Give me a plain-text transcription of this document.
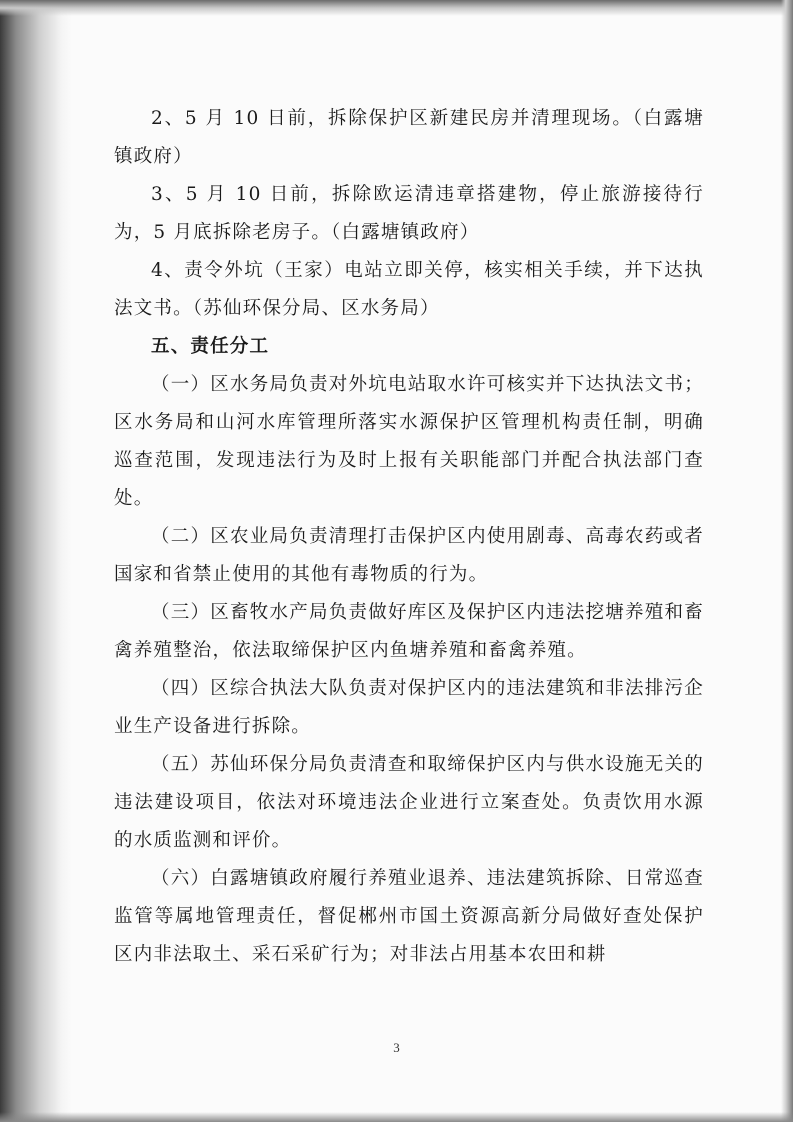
2、5 月 10 日前，拆除保护区新建民房并清理现场。（白露塘镇政府）

3、5 月 10 日前，拆除欧运清违章搭建物，停止旅游接待行为，5 月底拆除老房子。（白露塘镇政府）

4、责令外坑（王家）电站立即关停，核实相关手续，并下达执法文书。（苏仙环保分局、区水务局）

五、责任分工

（一）区水务局负责对外坑电站取水许可核实并下达执法文书；区水务局和山河水库管理所落实水源保护区管理机构责任制，明确巡查范围，发现违法行为及时上报有关职能部门并配合执法部门查处。

（二）区农业局负责清理打击保护区内使用剧毒、高毒农药或者国家和省禁止使用的其他有毒物质的行为。

（三）区畜牧水产局负责做好库区及保护区内违法挖塘养殖和畜禽养殖整治，依法取缔保护区内鱼塘养殖和畜禽养殖。

（四）区综合执法大队负责对保护区内的违法建筑和非法排污企业生产设备进行拆除。

（五）苏仙环保分局负责清查和取缔保护区内与供水设施无关的违法建设项目，依法对环境违法企业进行立案查处。负责饮用水源的水质监测和评价。

（六）白露塘镇政府履行养殖业退养、违法建筑拆除、日常巡查监管等属地管理责任，督促郴州市国土资源高新分局做好查处保护区内非法取土、采石采矿行为；对非法占用基本农田和耕

3
